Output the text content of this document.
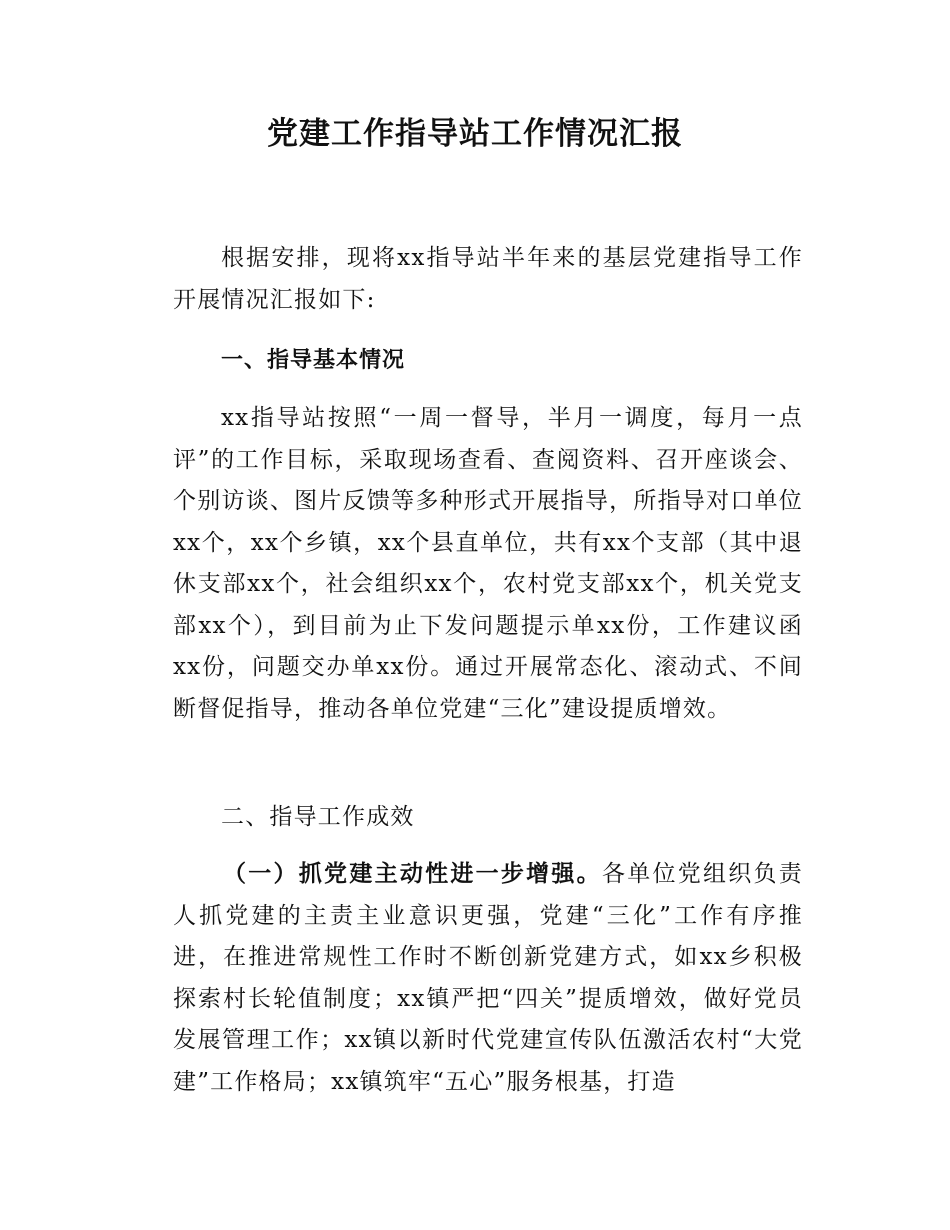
党建工作指导站工作情况汇报

根据安排，现将xx指导站半年来的基层党建指导工作开展情况汇报如下:

一、指导基本情况

xx指导站按照“一周一督导，半月一调度，每月一点评”的工作目标，采取现场查看、查阅资料、召开座谈会、个别访谈、图片反馈等多种形式开展指导，所指导对口单位xx个，xx个乡镇，xx个县直单位，共有xx个支部（其中退休支部xx个，社会组织xx个，农村党支部xx个，机关党支部xx个），到目前为止下发问题提示单xx份，工作建议函xx份，问题交办单xx份。通过开展常态化、滚动式、不间断督促指导，推动各单位党建“三化”建设提质增效。

二、指导工作成效

（一）抓党建主动性进一步增强。各单位党组织负责人抓党建的主责主业意识更强，党建“三化”工作有序推进，在推进常规性工作时不断创新党建方式，如xx乡积极探索村长轮值制度；xx镇严把“四关”提质增效，做好党员发展管理工作；xx镇以新时代党建宣传队伍激活农村“大党建”工作格局；xx镇筑牢“五心”服务根基，打造
